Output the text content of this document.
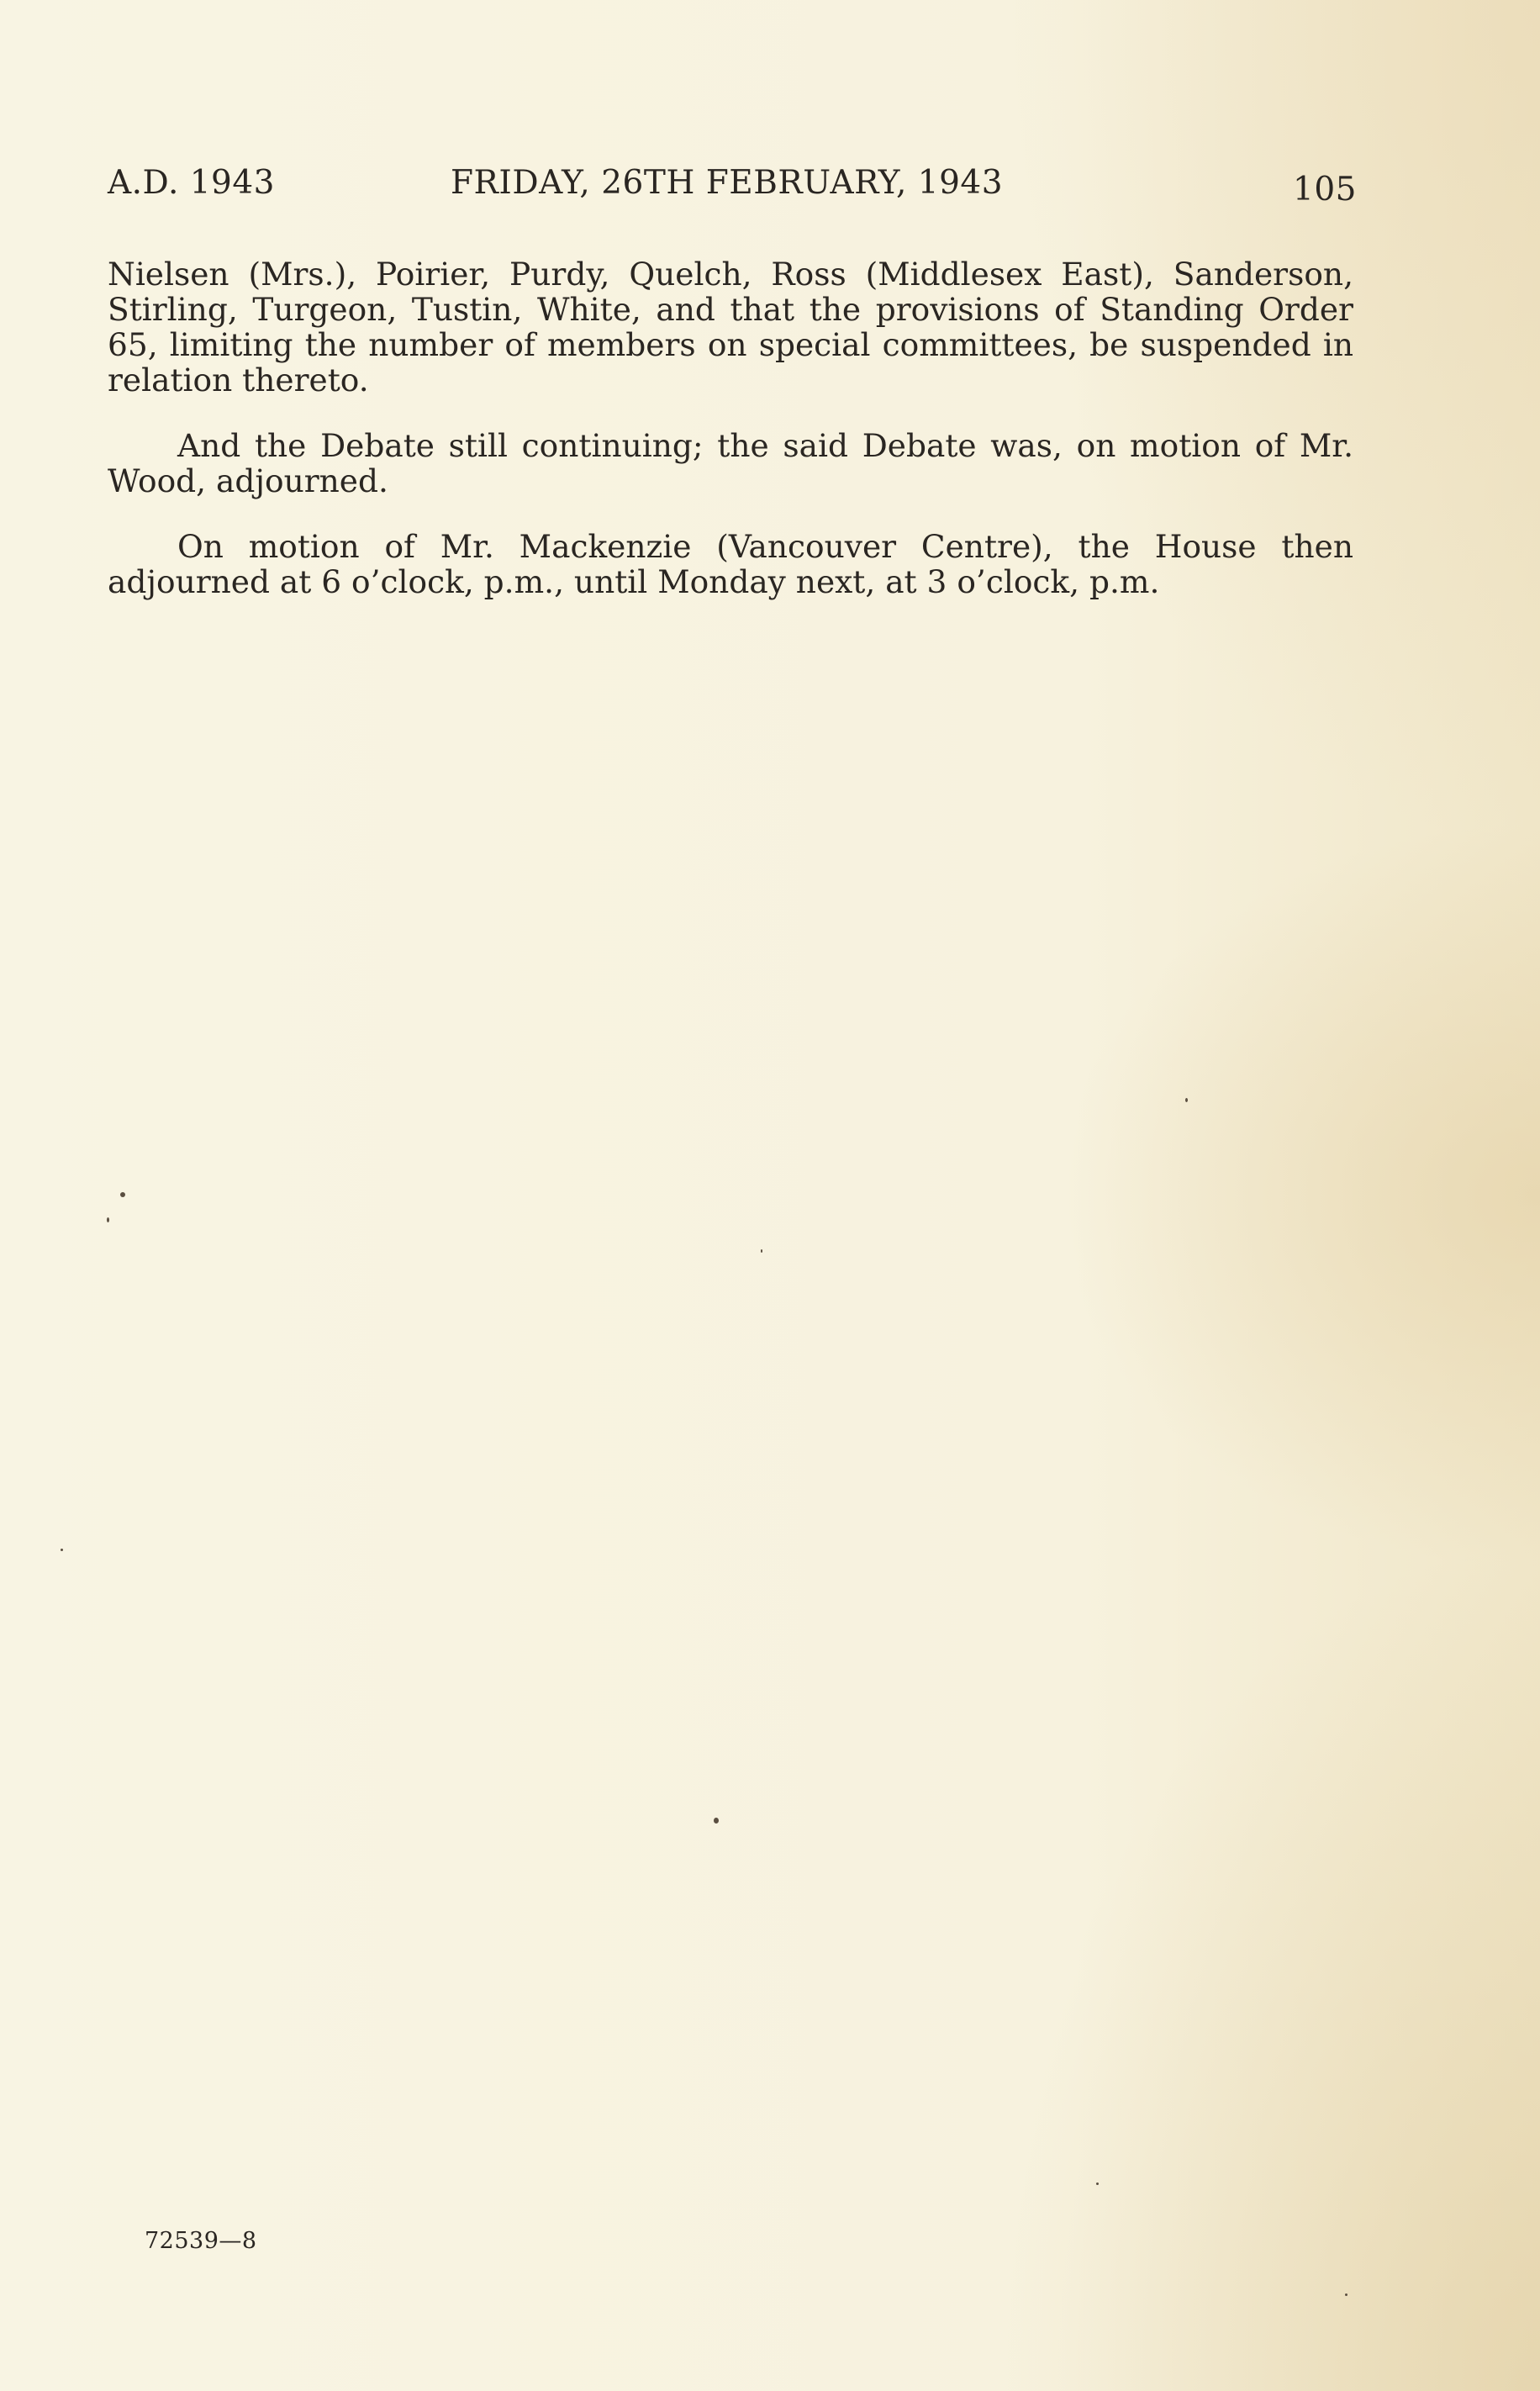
A.D. 1943	FRIDAY, 26TH FEBRUARY, 1943	105

Nielsen (Mrs.), Poirier, Purdy, Quelch, Ross (Middlesex East), Sanderson, Stirling, Turgeon, Tustin, White, and that the provisions of Standing Order 65, limiting the number of members on special committees, be suspended in relation thereto.

And the Debate still continuing; the said Debate was, on motion of Mr. Wood, adjourned.

On motion of Mr. Mackenzie (Vancouver Centre), the House then adjourned at 6 o’clock, p.m., until Monday next, at 3 o’clock, p.m.

72539—8
